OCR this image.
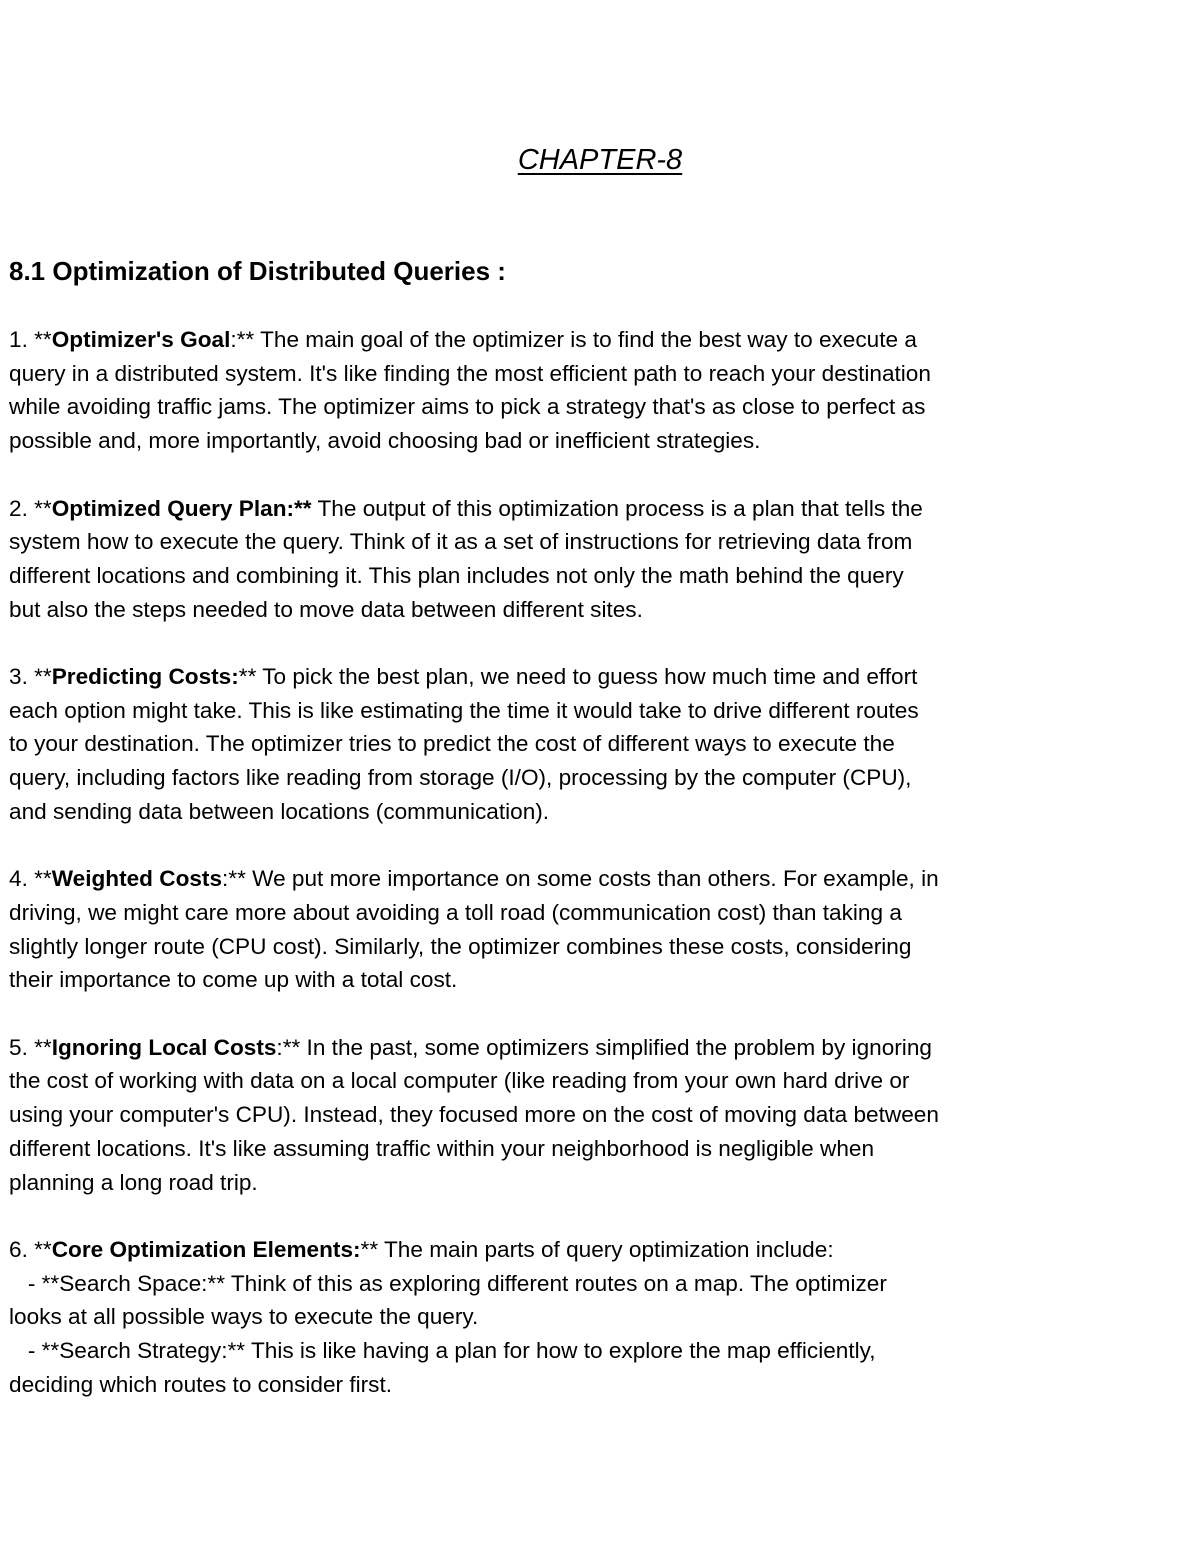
CHAPTER-8
8.1 Optimization of Distributed Queries :

1. **Optimizer's Goal:** The main goal of the optimizer is to find the best way to execute a
query in a distributed system. It's like finding the most efficient path to reach your destination
while avoiding traffic jams. The optimizer aims to pick a strategy that's as close to perfect as
possible and, more importantly, avoid choosing bad or inefficient strategies.

2. **Optimized Query Plan:** The output of this optimization process is a plan that tells the
system how to execute the query. Think of it as a set of instructions for retrieving data from
different locations and combining it. This plan includes not only the math behind the query
but also the steps needed to move data between different sites.

3. **Predicting Costs:** To pick the best plan, we need to guess how much time and effort
each option might take. This is like estimating the time it would take to drive different routes
to your destination. The optimizer tries to predict the cost of different ways to execute the
query, including factors like reading from storage (I/O), processing by the computer (CPU),
and sending data between locations (communication).

4. **Weighted Costs:** We put more importance on some costs than others. For example, in
driving, we might care more about avoiding a toll road (communication cost) than taking a
slightly longer route (CPU cost). Similarly, the optimizer combines these costs, considering
their importance to come up with a total cost.

5. **Ignoring Local Costs:** In the past, some optimizers simplified the problem by ignoring
the cost of working with data on a local computer (like reading from your own hard drive or
using your computer's CPU). Instead, they focused more on the cost of moving data between
different locations. It's like assuming traffic within your neighborhood is negligible when
planning a long road trip.

6. **Core Optimization Elements:** The main parts of query optimization include:
- **Search Space:** Think of this as exploring different routes on a map. The optimizer
looks at all possible ways to execute the query.
- **Search Strategy:** This is like having a plan for how to explore the map efficiently,
deciding which routes to consider first.
